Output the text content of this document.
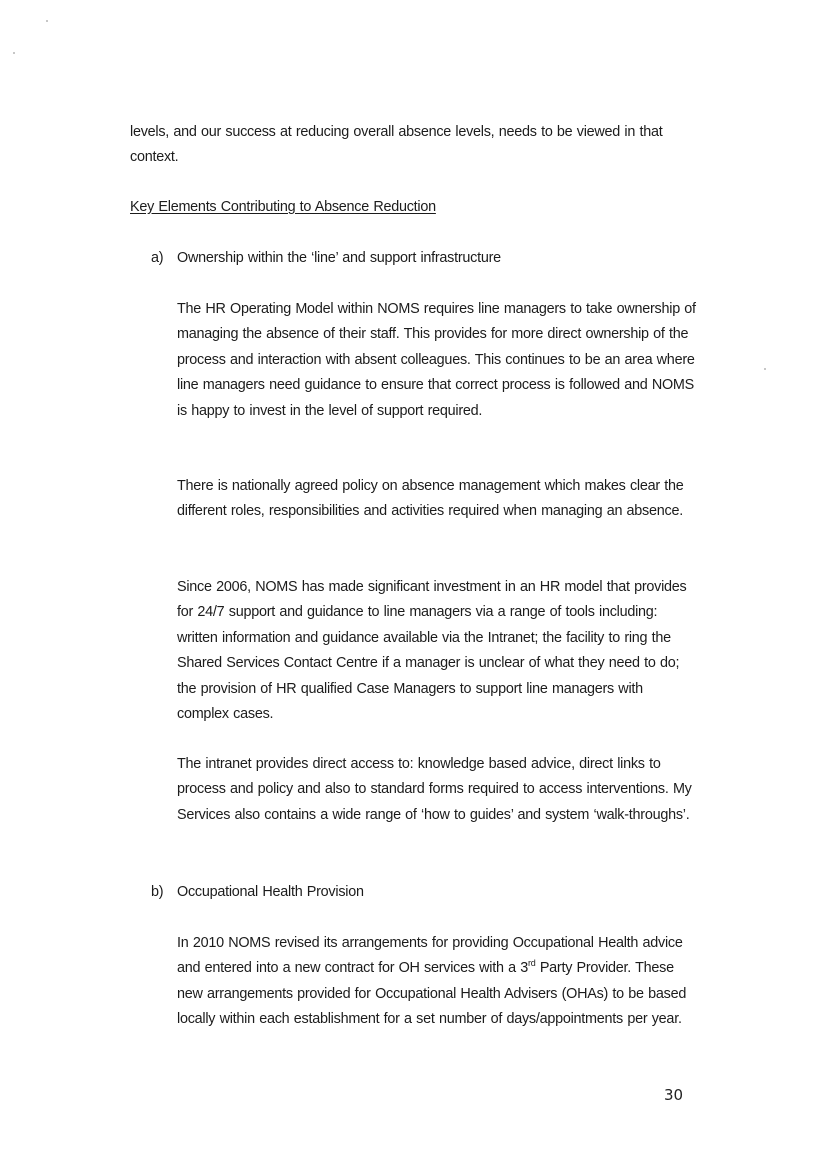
levels, and our success at reducing overall absence levels, needs to be viewed in that context.

Key Elements Contributing to Absence Reduction

a) Ownership within the ‘line’ and support infrastructure

The HR Operating Model within NOMS requires line managers to take ownership of managing the absence of their staff. This provides for more direct ownership of the process and interaction with absent colleagues. This continues to be an area where line managers need guidance to ensure that correct process is followed and NOMS is happy to invest in the level of support required.

There is nationally agreed policy on absence management which makes clear the different roles, responsibilities and activities required when managing an absence.

Since 2006, NOMS has made significant investment in an HR model that provides for 24/7 support and guidance to line managers via a range of tools including: written information and guidance available via the Intranet; the facility to ring the Shared Services Contact Centre if a manager is unclear of what they need to do; the provision of HR qualified Case Managers to support line managers with complex cases.

The intranet provides direct access to: knowledge based advice, direct links to process and policy and also to standard forms required to access interventions. My Services also contains a wide range of ‘how to guides’ and system ‘walk-throughs’.

b) Occupational Health Provision

In 2010 NOMS revised its arrangements for providing Occupational Health advice and entered into a new contract for OH services with a 3rd Party Provider. These new arrangements provided for Occupational Health Advisers (OHAs) to be based locally within each establishment for a set number of days/appointments per year.

30
